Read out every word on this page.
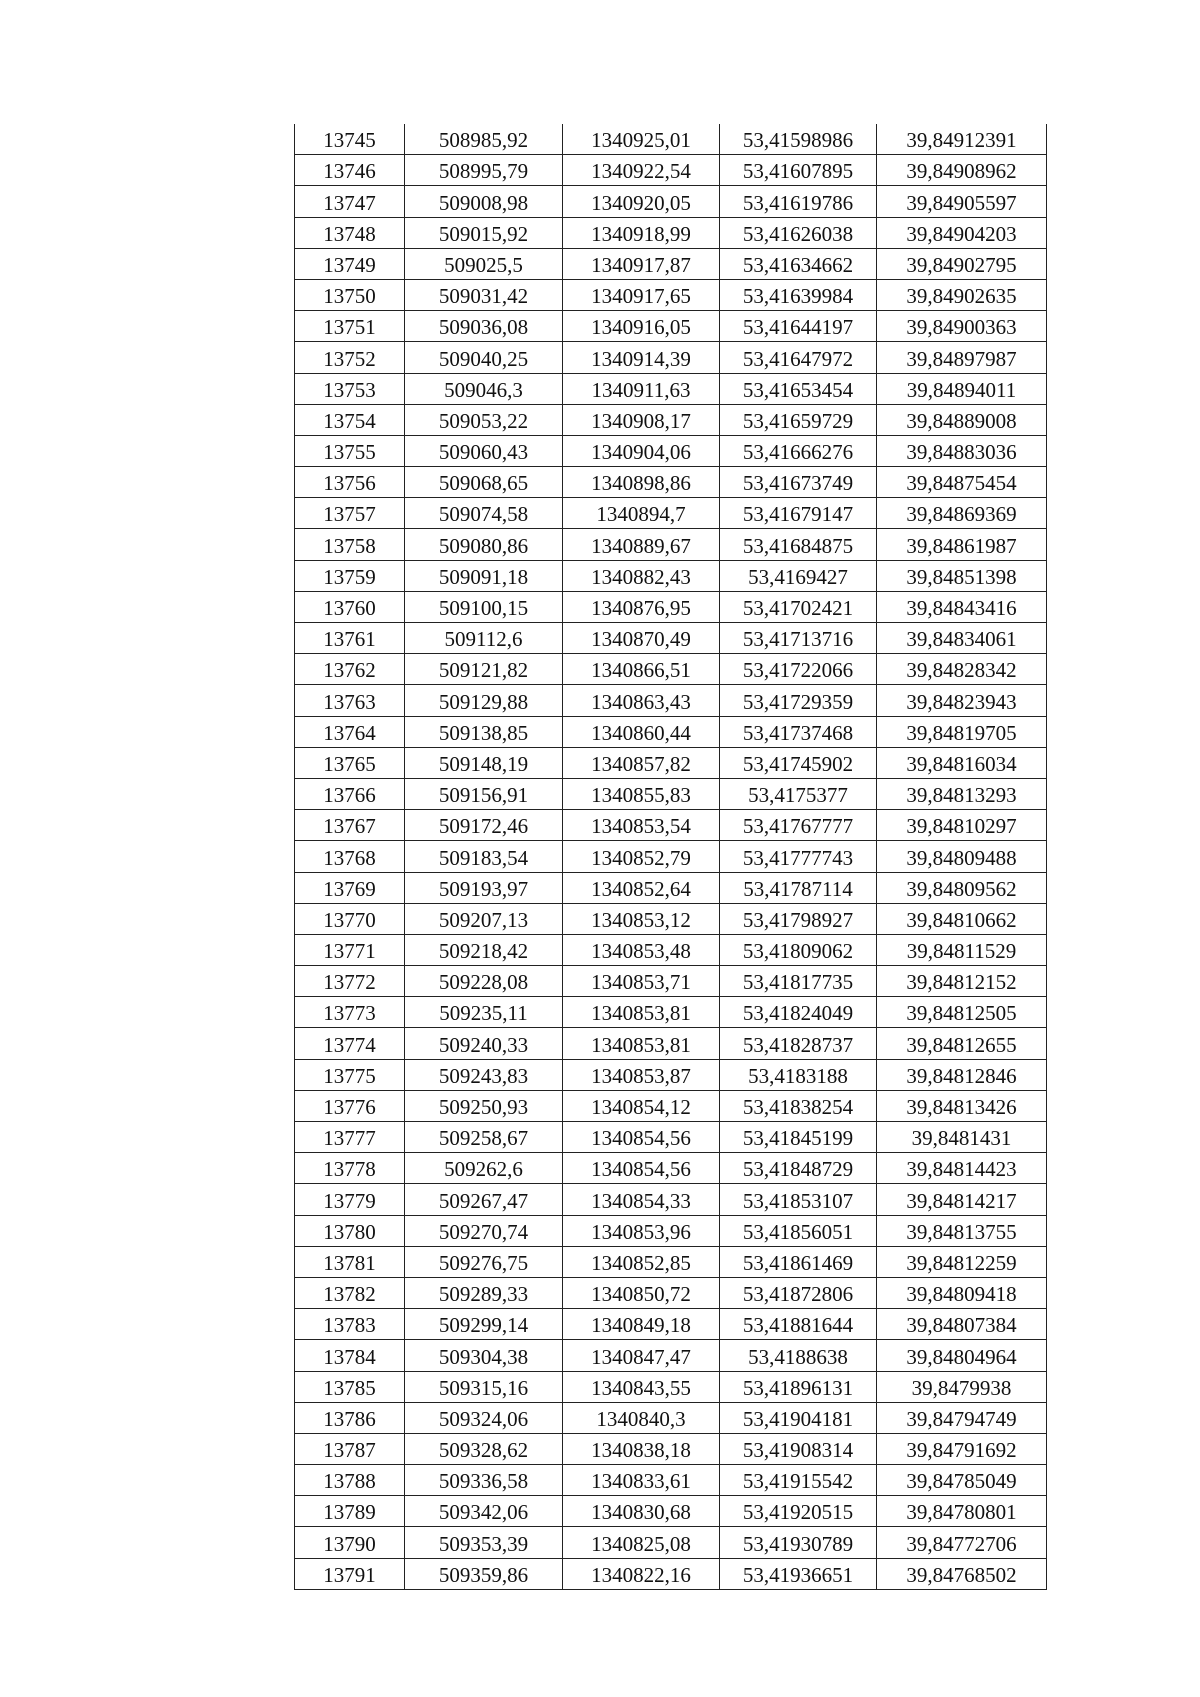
13745	508985,92	1340925,01	53,41598986	39,84912391
13746	508995,79	1340922,54	53,41607895	39,84908962
13747	509008,98	1340920,05	53,41619786	39,84905597
13748	509015,92	1340918,99	53,41626038	39,84904203
13749	509025,5	1340917,87	53,41634662	39,84902795
13750	509031,42	1340917,65	53,41639984	39,84902635
13751	509036,08	1340916,05	53,41644197	39,84900363
13752	509040,25	1340914,39	53,41647972	39,84897987
13753	509046,3	1340911,63	53,41653454	39,84894011
13754	509053,22	1340908,17	53,41659729	39,84889008
13755	509060,43	1340904,06	53,41666276	39,84883036
13756	509068,65	1340898,86	53,41673749	39,84875454
13757	509074,58	1340894,7	53,41679147	39,84869369
13758	509080,86	1340889,67	53,41684875	39,84861987
13759	509091,18	1340882,43	53,4169427	39,84851398
13760	509100,15	1340876,95	53,41702421	39,84843416
13761	509112,6	1340870,49	53,41713716	39,84834061
13762	509121,82	1340866,51	53,41722066	39,84828342
13763	509129,88	1340863,43	53,41729359	39,84823943
13764	509138,85	1340860,44	53,41737468	39,84819705
13765	509148,19	1340857,82	53,41745902	39,84816034
13766	509156,91	1340855,83	53,4175377	39,84813293
13767	509172,46	1340853,54	53,41767777	39,84810297
13768	509183,54	1340852,79	53,41777743	39,84809488
13769	509193,97	1340852,64	53,41787114	39,84809562
13770	509207,13	1340853,12	53,41798927	39,84810662
13771	509218,42	1340853,48	53,41809062	39,84811529
13772	509228,08	1340853,71	53,41817735	39,84812152
13773	509235,11	1340853,81	53,41824049	39,84812505
13774	509240,33	1340853,81	53,41828737	39,84812655
13775	509243,83	1340853,87	53,4183188	39,84812846
13776	509250,93	1340854,12	53,41838254	39,84813426
13777	509258,67	1340854,56	53,41845199	39,8481431
13778	509262,6	1340854,56	53,41848729	39,84814423
13779	509267,47	1340854,33	53,41853107	39,84814217
13780	509270,74	1340853,96	53,41856051	39,84813755
13781	509276,75	1340852,85	53,41861469	39,84812259
13782	509289,33	1340850,72	53,41872806	39,84809418
13783	509299,14	1340849,18	53,41881644	39,84807384
13784	509304,38	1340847,47	53,4188638	39,84804964
13785	509315,16	1340843,55	53,41896131	39,8479938
13786	509324,06	1340840,3	53,41904181	39,84794749
13787	509328,62	1340838,18	53,41908314	39,84791692
13788	509336,58	1340833,61	53,41915542	39,84785049
13789	509342,06	1340830,68	53,41920515	39,84780801
13790	509353,39	1340825,08	53,41930789	39,84772706
13791	509359,86	1340822,16	53,41936651	39,84768502
